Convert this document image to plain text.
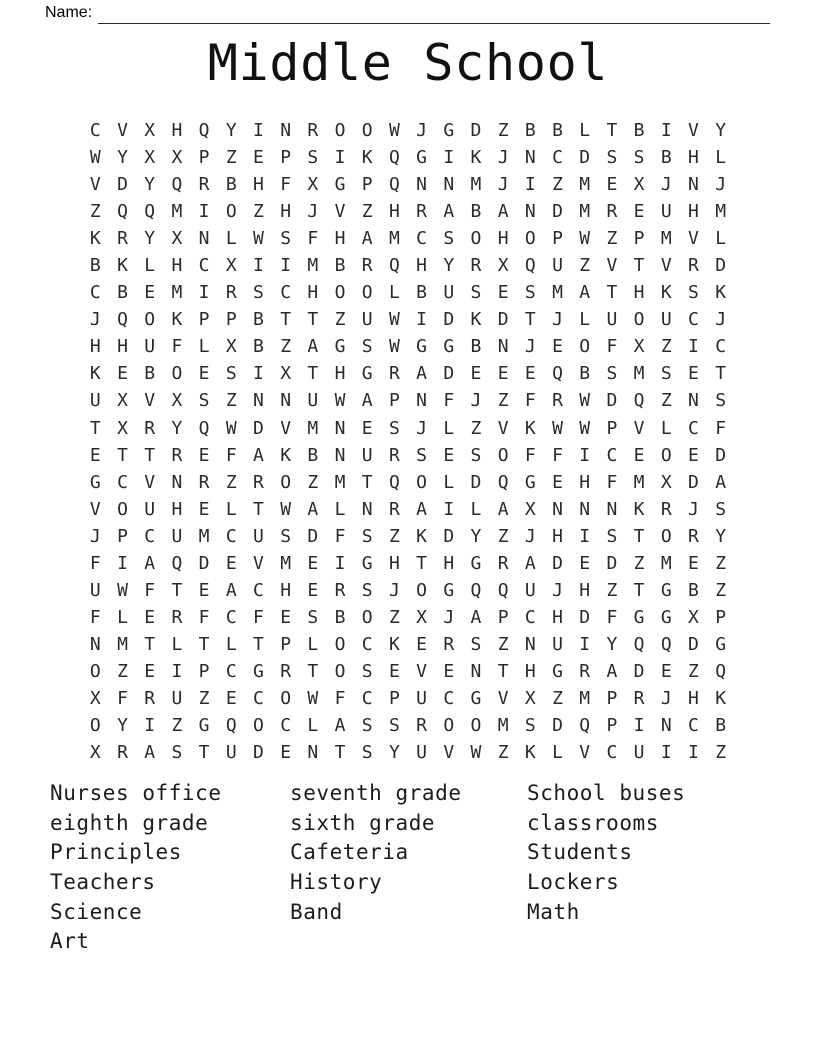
Name:
Middle School
C V X H Q Y I N R O O W J G D Z B B L T B I V Y
W Y X X P Z E P S I K Q G I K J N C D S S B H L
V D Y Q R B H F X G P Q N N M J I Z M E X J N J
Z Q Q M I O Z H J V Z H R A B A N D M R E U H M
K R Y X N L W S F H A M C S O H O P W Z P M V L
B K L H C X I I M B R Q H Y R X Q U Z V T V R D
C B E M I R S C H O O L B U S E S M A T H K S K
J Q O K P P B T T Z U W I D K D T J L U O U C J
H H U F L X B Z A G S W G G B N J E O F X Z I C
K E B O E S I X T H G R A D E E E Q B S M S E T
U X V X S Z N N U W A P N F J Z F R W D Q Z N S
T X R Y Q W D V M N E S J L Z V K W W P V L C F
E T T R E F A K B N U R S E S O F F I C E O E D
G C V N R Z R O Z M T Q O L D Q G E H F M X D A
V O U H E L T W A L N R A I L A X N N N K R J S
J P C U M C U S D F S Z K D Y Z J H I S T O R Y
F I A Q D E V M E I G H T H G R A D E D Z M E Z
U W F T E A C H E R S J O G Q Q U J H Z T G B Z
F L E R F C F E S B O Z X J A P C H D F G G X P
N M T L T L T P L O C K E R S Z N U I Y Q Q D G
O Z E I P C G R T O S E V E N T H G R A D E Z Q
X F R U Z E C O W F C P U C G V X Z M P R J H K
O Y I Z G Q O C L A S S R O O M S D Q P I N C B
X R A S T U D E N T S Y U V W Z K L V C U I I Z
Nurses office
eighth grade
Principles
Teachers
Science
Art
seventh grade
sixth grade
Cafeteria
History
Band
School buses
classrooms
Students
Lockers
Math
